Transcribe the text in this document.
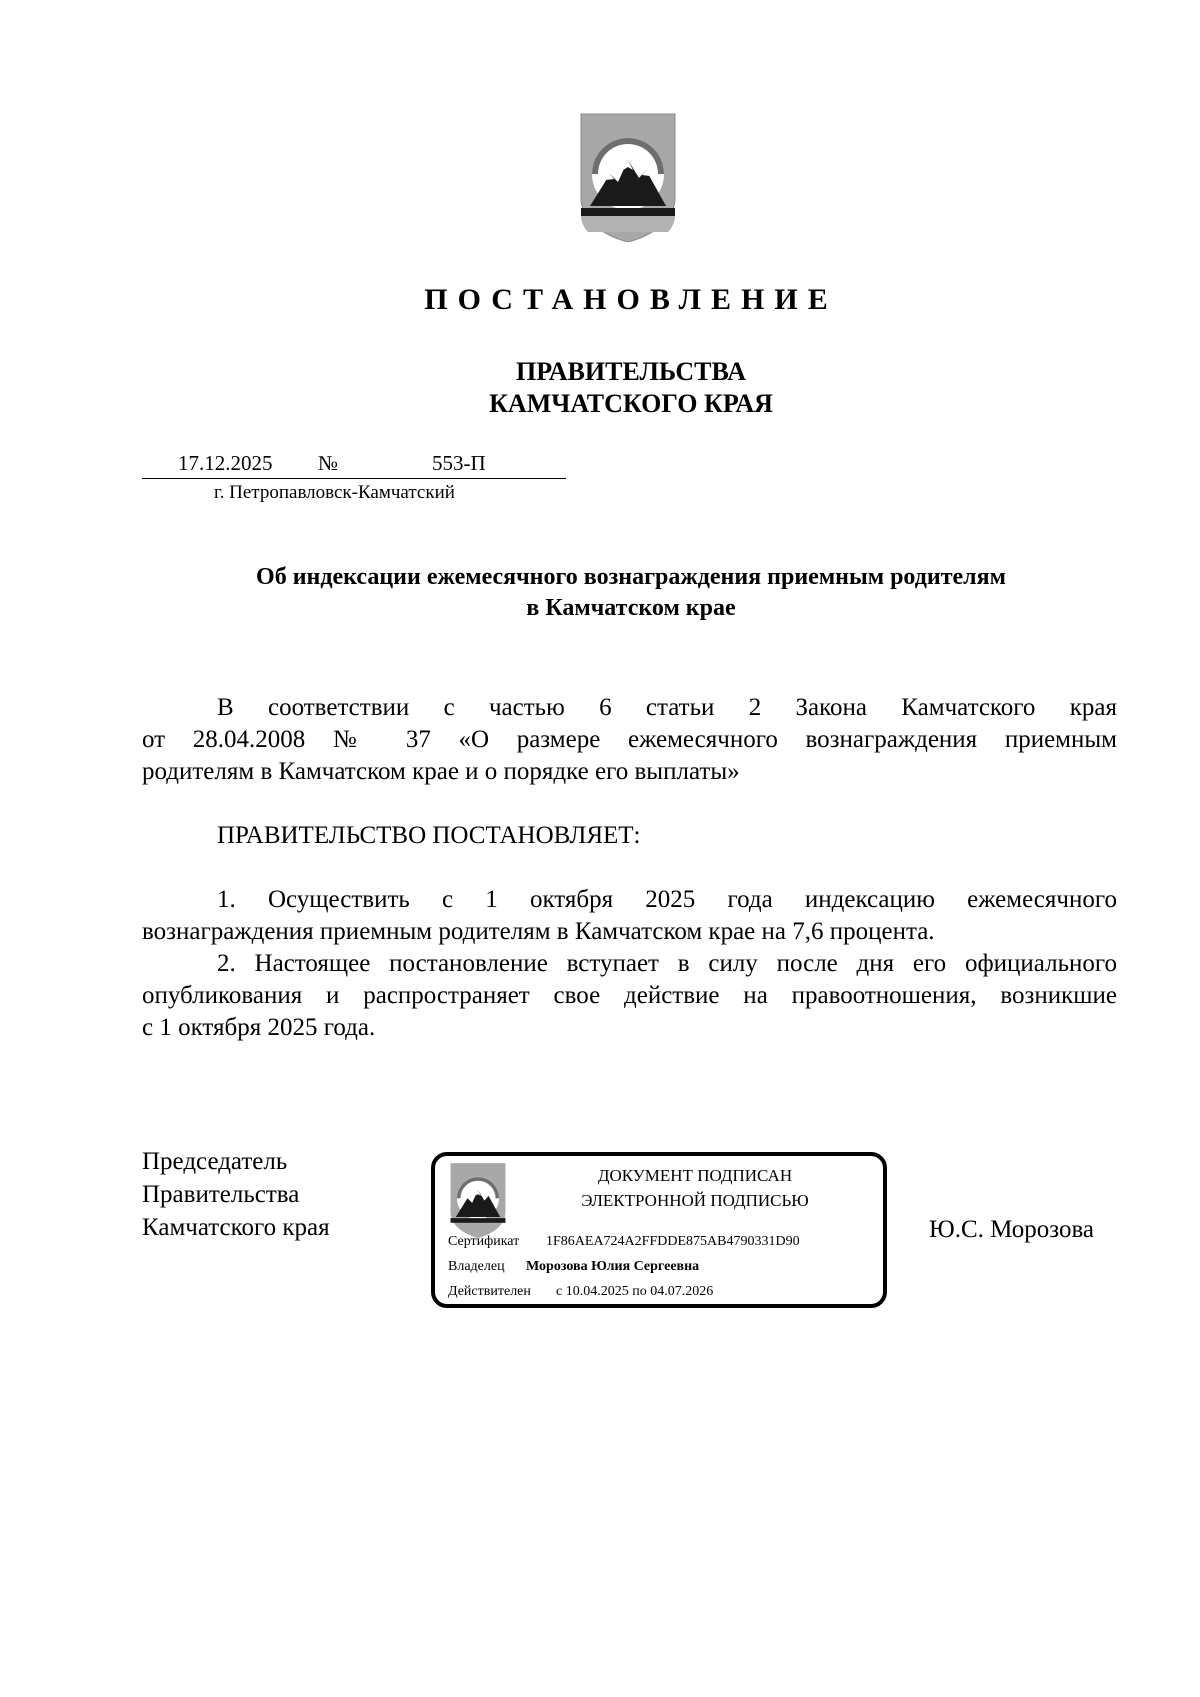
ПОСТАНОВЛЕНИЕ
ПРАВИТЕЛЬСТВА
КАМЧАТСКОГО КРАЯ
17.12.2025 №	553-П
г. Петропавловск-Камчатский
Об индексации ежемесячного вознаграждения приемным родителям
в Камчатском крае
В соответствии с частью 6 статьи 2 Закона Камчатского края
от 28.04.2008 № 37 «О размере ежемесячного вознаграждения приемным
родителям в Камчатском крае и о порядке его выплаты»
ПРАВИТЕЛЬСТВО ПОСТАНОВЛЯЕТ:
1. Осуществить с 1 октября 2025 года индексацию ежемесячного
вознаграждения приемным родителям в Камчатском крае на 7,6 процента.
2. Настоящее постановление вступает в силу после дня его официального
опубликования и распространяет свое действие на правоотношения, возникшие
с 1 октября 2025 года.
Председатель
Правительства
Камчатского края
ДОКУМЕНТ ПОДПИСАН
ЭЛЕКТРОННОЙ ПОДПИСЬЮ
Сертификат 1F86AEA724A2FFDDE875AB4790331D90
Владелец Морозова Юлия Сергеевна
Действителен с 10.04.2025 по 04.07.2026
Ю.С. Морозова
